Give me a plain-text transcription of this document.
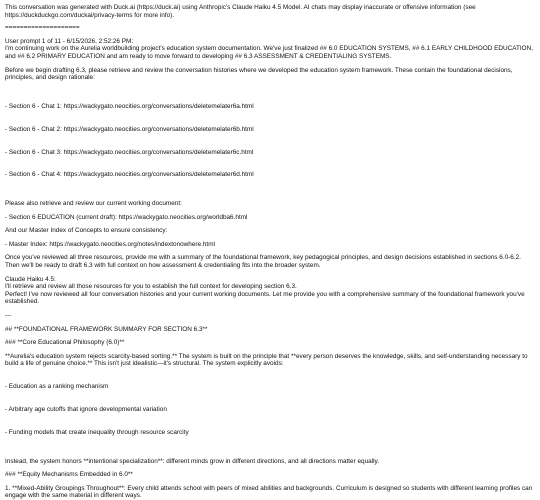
This conversation was generated with Duck.ai (https://duck.ai) using Anthropic's Claude Haiku 4.5 Model. AI chats may display inaccurate or offensive information (see https://duckduckgo.com/duckai/privacy-terms for more info).

====================

User prompt 1 of 11 - 6/15/2026, 2:52:26 PM:

I'm continuing work on the Aurelia worldbuilding project's education system documentation. We've just finalized ## 6.0 EDUCATION SYSTEMS, ## 6.1 EARLY CHILDHOOD EDUCATION, and ## 6.2 PRIMARY EDUCATION and am ready to move forward to developing ## 6.3 ASSESSMENT & CREDENTIALING SYSTEMS.

Before we begin drafting 6.3, please retrieve and review the conversation histories where we developed the education system framework. These contain the foundational decisions, principles, and design rationale:

- Section 6 - Chat 1: https://wackygato.neocities.org/conversations/deletemelater6a.html

- Section 6 - Chat 2: https://wackygato.neocities.org/conversations/deletemelater6b.html

- Section 6 - Chat 3: https://wackygato.neocities.org/conversations/deletemelater6c.html

- Section 6 - Chat 4: https://wackygato.neocities.org/conversations/deletemelater6d.html

Please also retrieve and review our current working document:

- Section 6 EDUCATION (current draft): https://wackygato.neocities.org/worldba6.html

And our Master Index of Concepts to ensure consistency:

- Master Index: https://wackygato.neocities.org/notes/indextonowhere.html

Once you've reviewed all three resources, provide me with a summary of the foundational framework, key pedagogical principles, and design decisions established in sections 6.0-6.2. Then we'll be ready to draft 6.3 with full context on how assessment & credentialing fits into the broader system.

Claude Haiku 4.5:

I'll retrieve and review all those resources for you to establish the full context for developing section 6.3.

Perfect! I've now reviewed all four conversation histories and your current working documents. Let me provide you with a comprehensive summary of the foundational framework you've established.

---

## **FOUNDATIONAL FRAMEWORK SUMMARY FOR SECTION 6.3**

### **Core Educational Philosophy (6.0)**

**Aurelia's education system rejects scarcity-based sorting.** The system is built on the principle that **every person deserves the knowledge, skills, and self-understanding necessary to build a life of genuine choice.** This isn't just idealistic—it's structural. The system explicitly avoids:

- Education as a ranking mechanism

- Arbitrary age cutoffs that ignore developmental variation

- Funding models that create inequality through resource scarcity

Instead, the system honors **intentional specialization**: different minds grow in different directions, and all directions matter equally.

### **Equity Mechanisms Embedded in 6.0**

1. **Mixed-Ability Groupings Throughout**: Every child attends school with peers of mixed abilities and backgrounds. Curriculum is designed so students with different learning profiles can engage with the same material in different ways.
